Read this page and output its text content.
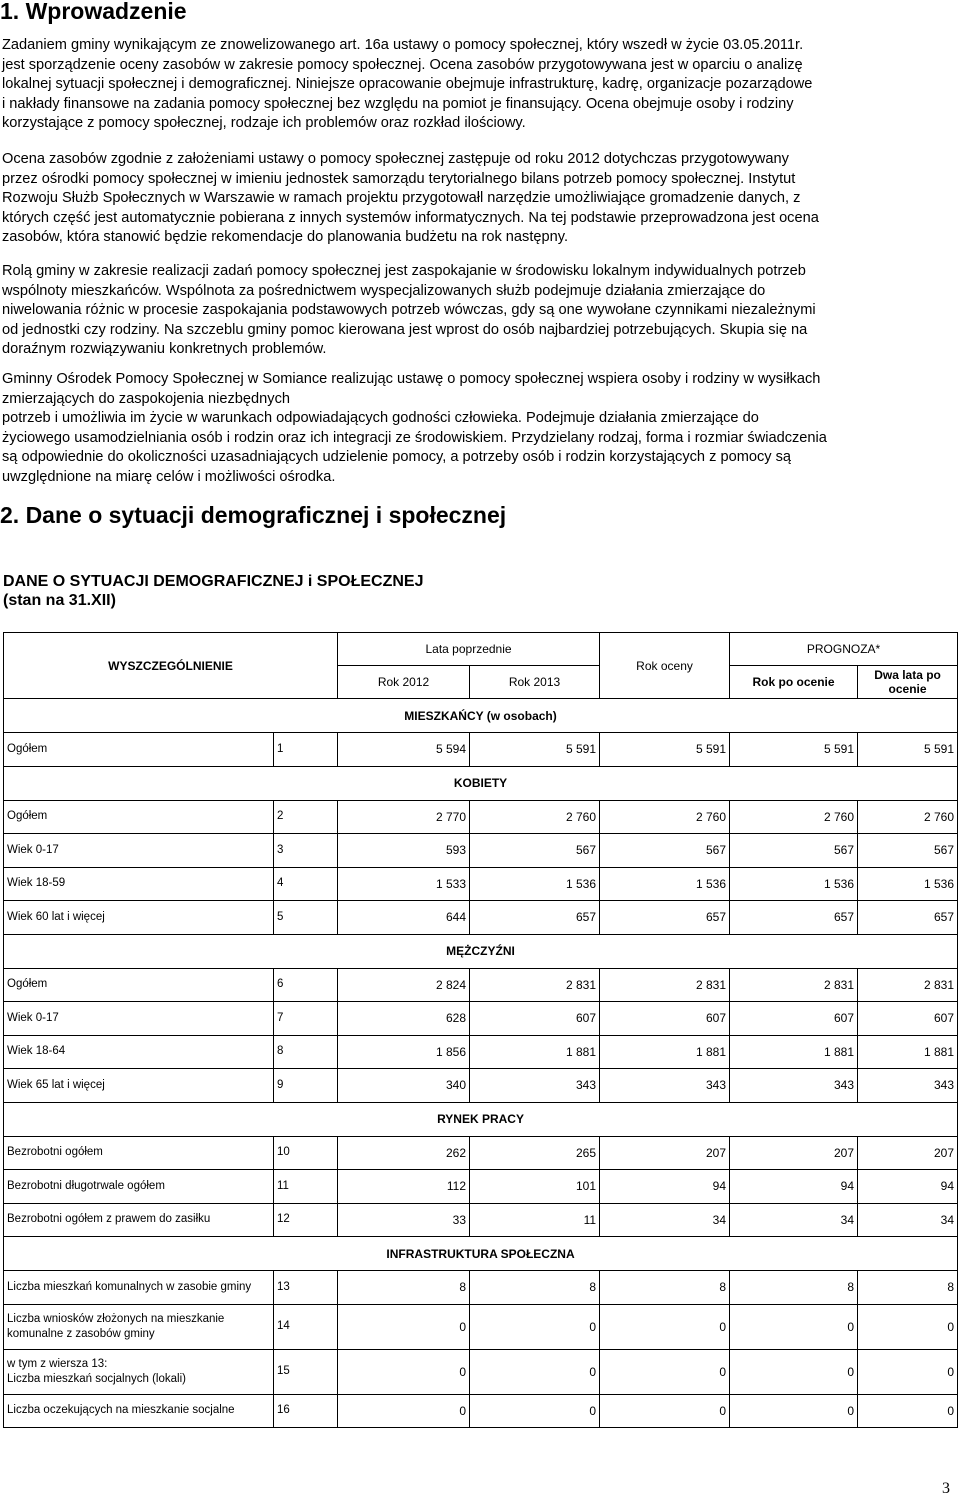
1. Wprowadzenie

Zadaniem gminy wynikającym ze znowelizowanego art. 16a ustawy o pomocy społecznej, który wszedł w życie 03.05.2011r.
jest sporządzenie oceny zasobów w zakresie pomocy społecznej. Ocena zasobów przygotowywana jest w oparciu o analizę
lokalnej sytuacji społecznej i demograficznej. Niniejsze opracowanie obejmuje infrastrukturę, kadrę, organizacje pozarządowe
i nakłady finansowe na zadania pomocy społecznej bez względu na pomiot je finansujący. Ocena obejmuje osoby i rodziny
korzystające z pomocy społecznej, rodzaje ich problemów oraz rozkład ilościowy.

Ocena zasobów zgodnie z założeniami ustawy o pomocy społecznej zastępuje od roku 2012 dotychczas przygotowywany
przez ośrodki pomocy społecznej w imieniu jednostek samorządu terytorialnego bilans potrzeb pomocy społecznej. Instytut
Rozwoju Służb Społecznych w Warszawie w ramach projektu przygotowałl narzędzie umożliwiające gromadzenie danych, z
których część jest automatycznie pobierana z innych systemów informatycznych. Na tej podstawie przeprowadzona jest ocena
zasobów, która stanowić będzie rekomendacje do planowania budżetu na rok następny.

Rolą gminy w zakresie realizacji zadań pomocy społecznej jest zaspokajanie w środowisku lokalnym indywidualnych potrzeb
wspólnoty mieszkańców. Wspólnota za pośrednictwem wyspecjalizowanych służb podejmuje działania zmierzające do
niwelowania różnic w procesie zaspokajania podstawowych potrzeb wówczas, gdy są one wywołane czynnikami niezależnymi
od jednostki czy rodziny. Na szczeblu gminy pomoc kierowana jest wprost do osób najbardziej potrzebujących. Skupia się na
doraźnym rozwiązywaniu konkretnych problemów.

Gminny Ośrodek Pomocy Społecznej w Somiance realizując ustawę o pomocy społecznej wspiera osoby i rodziny w wysiłkach
zmierzających do zaspokojenia niezbędnych
potrzeb i umożliwia im życie w warunkach odpowiadających godności człowieka. Podejmuje działania zmierzające do
życiowego usamodzielniania osób i rodzin oraz ich integracji ze środowiskiem. Przydzielany rodzaj, forma i rozmiar świadczenia
są odpowiednie do okoliczności uzasadniających udzielenie pomocy, a potrzeby osób i rodzin korzystających z pomocy są
uwzględnione na miarę celów i możliwości ośrodka.

2. Dane o sytuacji demograficznej i społecznej

DANE O SYTUACJI DEMOGRAFICZNEJ i SPOŁECZNEJ
(stan na 31.XII)

WYSZCZEGÓLNIENIE		Lata poprzednie		Rok oceny	PROGNOZA*	
		Rok 2012	Rok 2013		Rok po ocenie	Dwa lata po ocenie
MIESZKAŃCY (w osobach)						
Ogółem	1	5 594	5 591	5 591	5 591	5 591
KOBIETY						
Ogółem	2	2 770	2 760	2 760	2 760	2 760
Wiek 0-17	3	593	567	567	567	567
Wiek 18-59	4	1 533	1 536	1 536	1 536	1 536
Wiek 60 lat i więcej	5	644	657	657	657	657
MĘŻCZYŹNI						
Ogółem	6	2 824	2 831	2 831	2 831	2 831
Wiek 0-17	7	628	607	607	607	607
Wiek 18-64	8	1 856	1 881	1 881	1 881	1 881
Wiek 65 lat i więcej	9	340	343	343	343	343
RYNEK PRACY						
Bezrobotni ogółem	10	262	265	207	207	207
Bezrobotni długotrwale ogółem	11	112	101	94	94	94
Bezrobotni ogółem z prawem do zasiłku	12	33	11	34	34	34
INFRASTRUKTURA SPOŁECZNA						
Liczba mieszkań komunalnych w zasobie gminy	13	8	8	8	8	8
Liczba wniosków złożonych na mieszkanie
komunalne z zasobów gminy	14	0	0	0	0	0
w tym z wiersza 13:
Liczba mieszkań socjalnych (lokali)	15	0	0	0	0	0
Liczba oczekujących na mieszkanie socjalne	16	0	0	0	0	0
3
